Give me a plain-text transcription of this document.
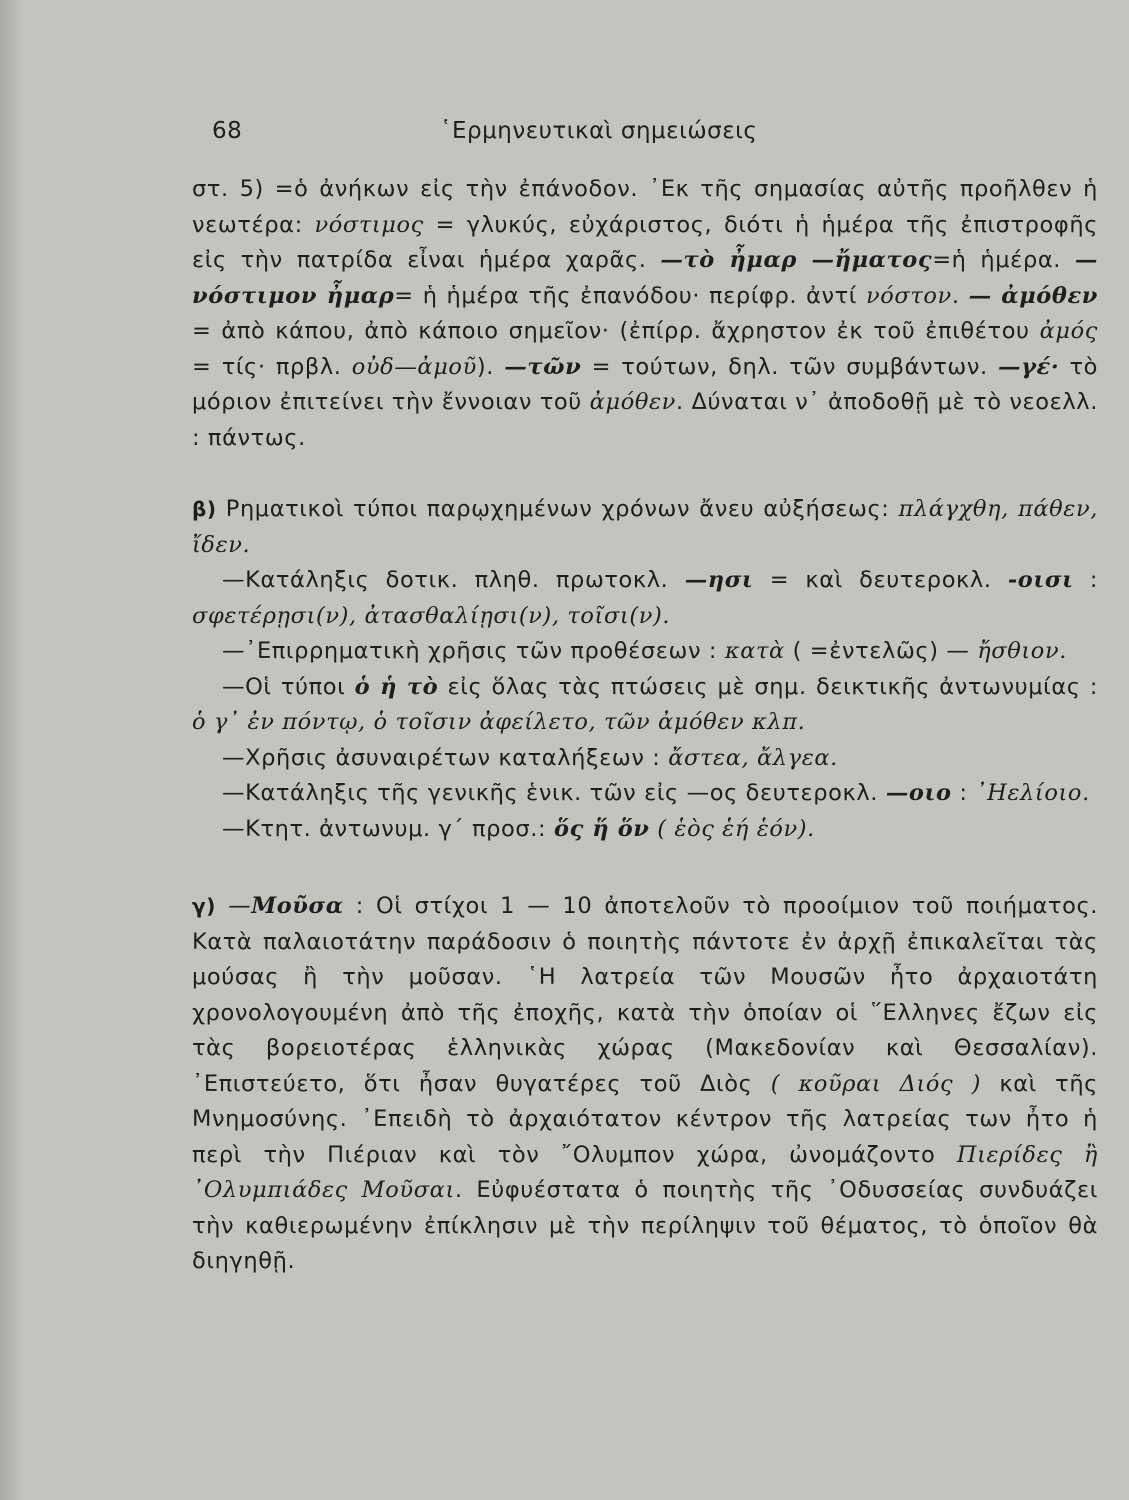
68	῾Ερμηνευτικαὶ σημειώσεις

στ. 5) =ὁ ἀνήκων εἰς τὴν ἐπάνοδον. ᾽Εκ τῆς σημασίας αὐτῆς προῆλθεν ἡ νεωτέρα: νόστιμος = γλυκύς, εὐχάριστος, διότι ἡ ἡμέρα τῆς ἐπιστροφῆς εἰς τὴν πατρίδα εἶναι ἡμέρα χαρᾶς. —τὸ ἦμαρ —ἤματος=ἡ ἡμέρα. —νόστιμον ἦμαρ= ἡ ἡμέρα τῆς ἐπανόδου· περίφρ. ἀντί νόστον. — ἀμόθεν = ἀπὸ κάπου, ἀπὸ κάποιο σημεῖον· (ἐπίρρ. ἄχρηστον ἐκ τοῦ ἐπιθέτου ἀμός = τίς· πρβλ. οὐδ—ἀμοῦ). —τῶν = τούτων, δηλ. τῶν συμβάντων. —γέ· τὸ μόριον ἐπιτείνει τὴν ἔννοιαν τοῦ ἀμόθεν. Δύναται ν᾽ ἀποδοθῇ μὲ τὸ νεοελλ. : πάντως.

β) Ρηματικοὶ τύποι παρῳχημένων χρόνων ἄνευ αὐξήσεως: πλάγχθη, πάθεν, ἴδεν.

—Κατάληξις δοτικ. πληθ. πρωτοκλ. —ησι = καὶ δευτεροκλ. -οισι : σφετέρῃσι(ν), ἀτασθαλίῃσι(ν), τοῖσι(ν).

—᾽Επιρρηματικὴ χρῆσις τῶν προθέσεων : κατὰ ( =ἐντελῶς) — ἤσθιον.

—Οἱ τύποι ὁ ἡ τὸ εἰς ὅλας τὰς πτώσεις μὲ σημ. δεικτικῆς ἀντωνυμίας : ὁ γ᾽ ἐν πόντῳ, ὁ τοῖσιν ἀφείλετο, τῶν ἀμόθεν κλπ.

—Χρῆσις ἀσυναιρέτων καταλήξεων : ἄστεα, ἄλγεα.

—Κατάληξις τῆς γενικῆς ἑνικ. τῶν εἰς —ος δευτεροκλ. —οιο : ᾽Ηελίοιο.

—Κτητ. ἀντωνυμ. γ´ προσ.: ὅς ἥ ὅν ( ἑὸς ἑή ἑόν).

γ) —Μοῦσα : Οἱ στίχοι 1 — 10 ἀποτελοῦν τὸ προοίμιον τοῦ ποιήματος. Κατὰ παλαιοτάτην παράδοσιν ὁ ποιητὴς πάντοτε ἐν ἀρχῇ ἐπικαλεῖται τὰς μούσας ἢ τὴν μοῦσαν. ῾Η λατρεία τῶν Μουσῶν ἦτο ἀρχαιοτάτη χρονολογουμένη ἀπὸ τῆς ἐποχῆς, κατὰ τὴν ὁποίαν οἱ ῞Ελληνες ἔζων εἰς τὰς βορειοτέρας ἑλληνικὰς χώρας (Μακεδονίαν καὶ Θεσσαλίαν). ᾽Επιστεύετο, ὅτι ἦσαν θυγατέρες τοῦ Διὸς ( κοῦραι Διός ) καὶ τῆς Μνημοσύνης. ᾽Επειδὴ τὸ ἀρχαιότατον κέντρον τῆς λατρείας των ἦτο ἡ περὶ τὴν Πιέριαν καὶ τὸν ῎Ολυμπον χώρα, ὠνομάζοντο Πιερίδες ἢ ᾽Ολυμπιάδες Μοῦσαι. Εὐφυέστατα ὁ ποιητὴς τῆς ᾽Οδυσσείας συνδυάζει τὴν καθιερωμένην ἐπίκλησιν μὲ τὴν περίληψιν τοῦ θέματος, τὸ ὁποῖον θὰ διηγηθῇ.
